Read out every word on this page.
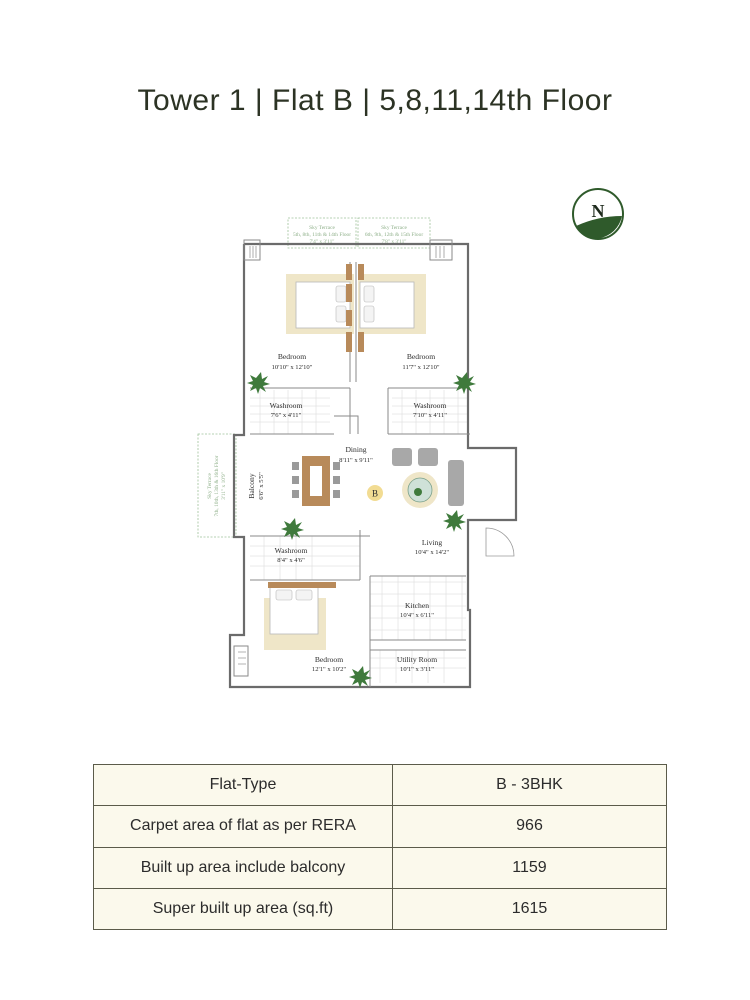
Tower 1 | Flat B | 5,8,11,14th Floor
N
B
Sky Terrace
5th, 8th, 11th & 14th Floor
7'4" x 3'11"
Sky Terrace
6th, 9th, 12th & 15th Floor
7'8" x 3'11"
Sky Terrace 7th, 10th, 13th & 16th Floor 3'11" x 10'9"
Bedroom
10'10" x 12'10"
Bedroom
11'7" x 12'10"
Washroom
7'6" x 4'11"
Washroom
7'10" x 4'11"
Dining
8'11" x 9'11"
Balcony 6'6" x 5'5"
Washroom
8'4" x 4'6"
Living
10'4" x 14'2"
Kitchen
10'4" x 6'11"
Bedroom
12'1" x 10'2"
Utility Room
10'1" x 3'11"
Flat-Type	B - 3BHK
Carpet area of flat as per RERA	966
Built up area include balcony	1159
Super built up area (sq.ft)	1615
